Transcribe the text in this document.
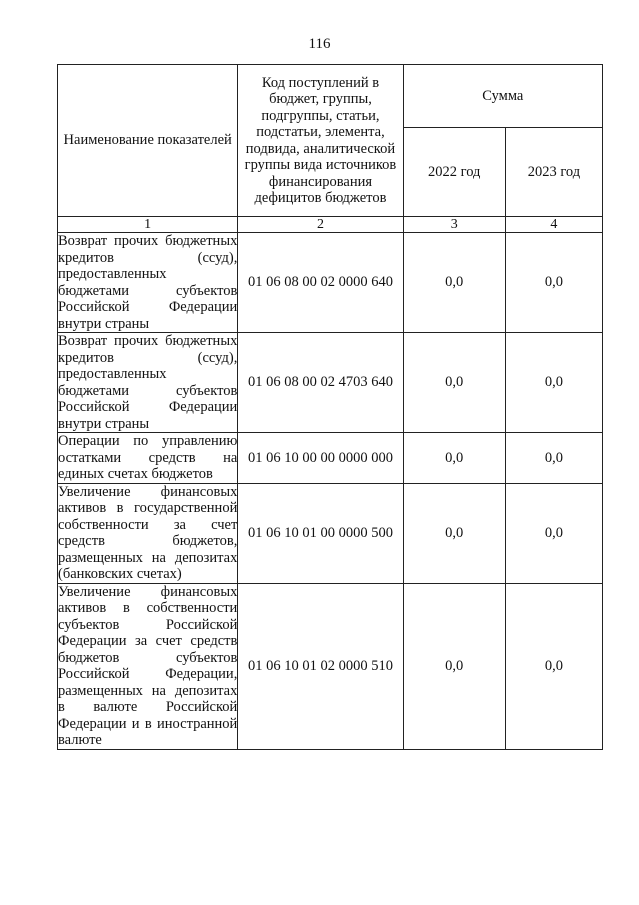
116
Наименование показателей	Код поступлений в бюджет, группы, подгруппы, статьи, подстатьи, элемента, подвида, аналитической группы вида источников финансирования дефицитов бюджетов	Сумма	
		2022 год	2023 год
1	2	3	4
Возврат прочих бюджетных кредитов (ссуд), предоставленных бюджетами субъектов Российской Федерации внутри страны	01 06 08 00 02 0000 640	0,0	0,0
Возврат прочих бюджетных кредитов (ссуд), предоставленных бюджетами субъектов Российской Федерации внутри страны	01 06 08 00 02 4703 640	0,0	0,0
Операции по управлению остатками средств на единых счетах бюджетов	01 06 10 00 00 0000 000	0,0	0,0
Увеличение финансовых активов в государственной собственности за счет средств бюджетов, размещенных на депозитах (банковских счетах)	01 06 10 01 00 0000 500	0,0	0,0
Увеличение финансовых активов в собственности субъектов Российской Федерации за счет средств бюджетов субъектов Российской Федерации, размещенных на депозитах в валюте Российской Федерации и в иностранной валюте	01 06 10 01 02 0000 510	0,0	0,0
